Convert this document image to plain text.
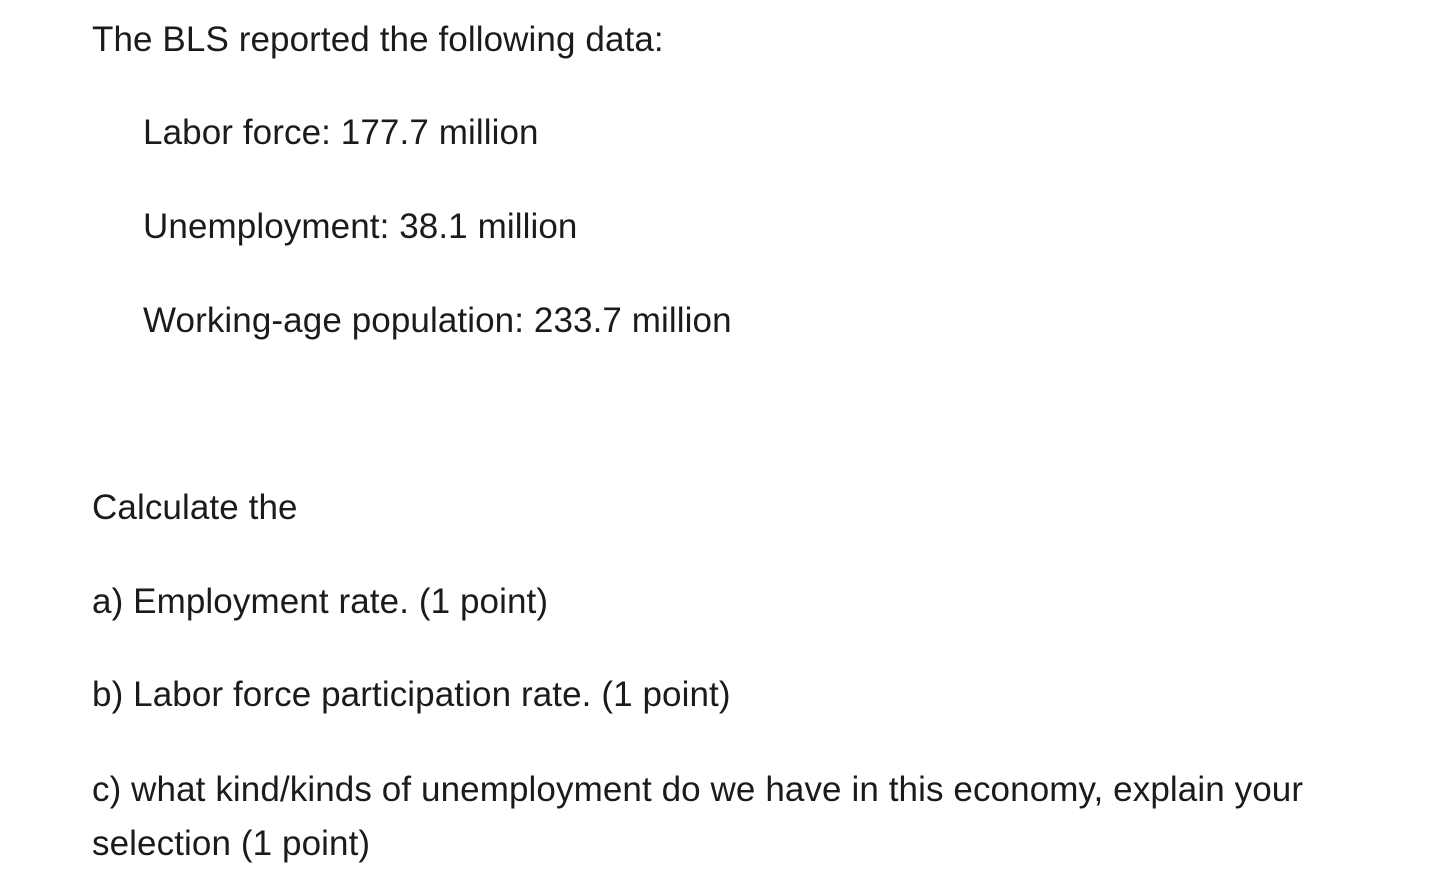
The BLS reported the following data:
Labor force: 177.7 million
Unemployment: 38.1 million
Working-age population: 233.7 million
Calculate the
a) Employment rate. (1 point)
b) Labor force participation rate. (1 point)
c) what kind/kinds of unemployment do we have in this economy, explain your selection (1 point)
